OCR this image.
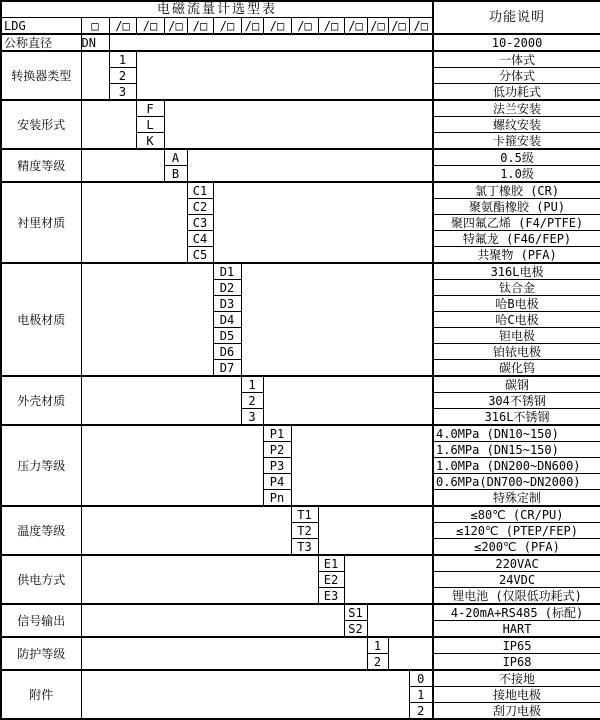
电磁流量计选型表															功能说明
LDG	□	/□	/□	/□	/□	/□	/□	/□	/□	/□	/□	/□	/□	/□	
公称直径	DN														10-2000
转换器类型		1													一体式
		2													分体式
		3													低功耗式
安装形式			F												法兰安装
			L												螺纹安装
			K												卡箍安装
精度等级				A											0.5级
				B											1.0级
衬里材质					C1										氯丁橡胶 (CR)
					C2										聚氨酯橡胶 (PU)
					C3										聚四氟乙烯 (F4/PTFE)
					C4										特氟龙 (F46/FEP)
					C5										共聚物 (PFA)
电极材质						D1									316L电极
						D2									钛合金
						D3									哈B电极
						D4									哈C电极
						D5									钽电极
						D6									铂铱电极
						D7									碳化钨
外壳材质							1								碳钢
							2								304不锈钢
							3								316L不锈钢
压力等级								P1							4.0MPa (DN10~150)
								P2							1.6MPa (DN15~150)
								P3							1.0MPa (DN200~DN600)
								P4							0.6MPa(DN700~DN2000)
								Pn							特殊定制
温度等级									T1						≤80℃ (CR/PU)
									T2						≤120℃ (PTEP/FEP)
									T3						≤200℃ (PFA)
供电方式										E1					220VAC
										E2					24VDC
										E3					锂电池 (仅限低功耗式)
信号输出											S1				4-20mA+RS485 (标配)
											S2				HART
防护等级												1			IP65
												2			IP68
附件														0	不接地
														1	接地电极
														2	刮刀电极
